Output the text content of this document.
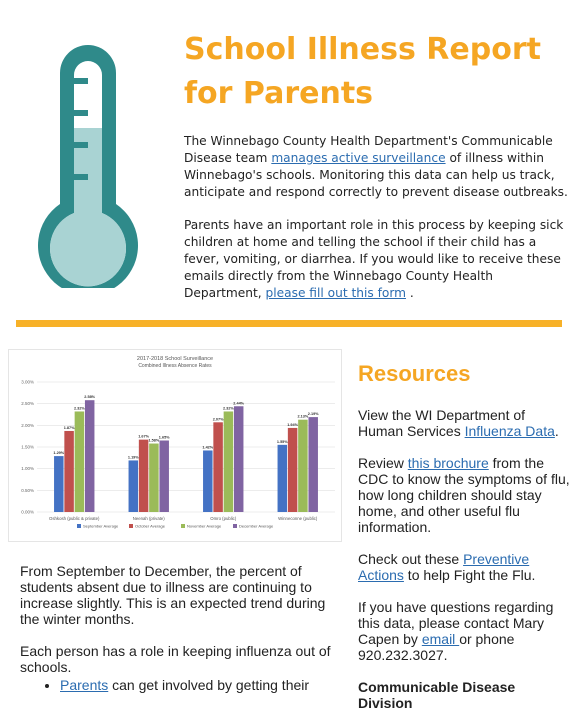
School Illness Report for Parents

The Winnebago County Health Department's Communicable Disease team manages active surveillance of illness within Winnebago's schools. Monitoring this data can help us track, anticipate and respond correctly to prevent disease outbreaks.

Parents have an important role in this process by keeping sick children at home and telling the school if their child has a fever, vomiting, or diarrhea. If you would like to receive these emails directly from the Winnebago County Health Department, please fill out this form .

2017-2018 School Surveillance
Combined Illness Absence Rates
0.00%
0.50%
1.00%
1.50%
2.00%
2.50%
3.00%
1.29%
1.87%
2.32%
2.58%
Oshkosh (public & private)
1.19%
1.67%
1.58%
1.65%
Neenah (private)
1.42%
2.07%
2.32%
2.44%
Omro (public)
1.55%
1.94%
2.13%
2.19%
Winneconne (public)
September Average	October Average	November Average	December Average

From September to December, the percent of students absent due to illness are continuing to increase slightly. This is an expected trend during the winter months.

Each person has a role in keeping influenza out of schools.

• Parents can get involved by getting their
Resources

View the WI Department of Human Services Influenza Data.

Review this brochure from the CDC to know the symptoms of flu, how long children should stay home, and other useful flu information.

Check out these Preventive Actions to help Fight the Flu.

If you have questions regarding this data, please contact Mary Capen by email or phone 920.232.3027.

Communicable Disease Division
